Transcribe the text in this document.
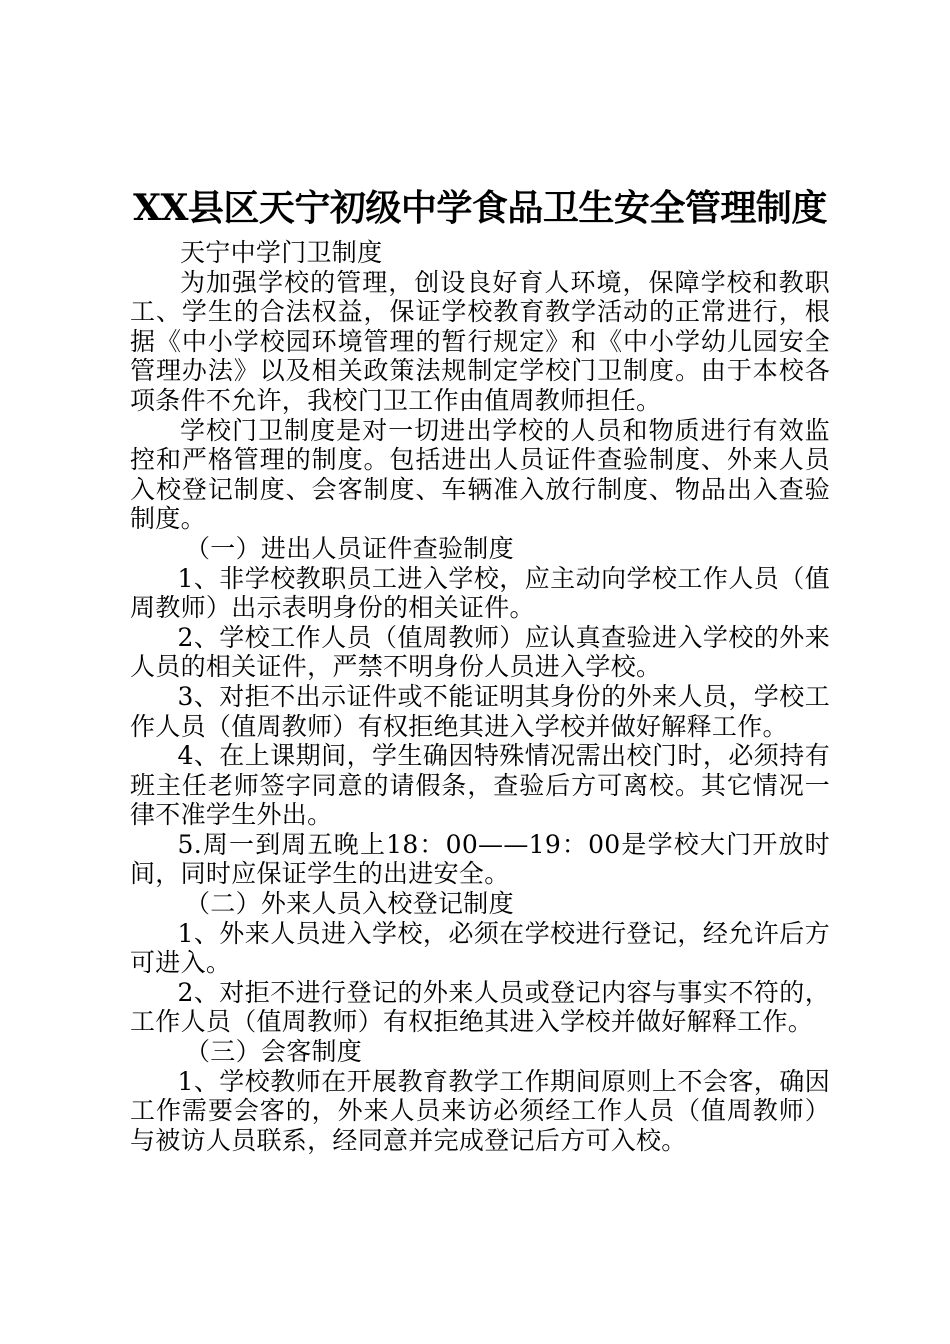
XX县区天宁初级中学食品卫生安全管理制度

天宁中学门卫制度

为加强学校的管理，创设良好育人环境，保障学校和教职工、学生的合法权益，保证学校教育教学活动的正常进行，根据《中小学校园环境管理的暂行规定》和《中小学幼儿园安全管理办法》以及相关政策法规制定学校门卫制度。由于本校各项条件不允许，我校门卫工作由值周教师担任。

学校门卫制度是对一切进出学校的人员和物质进行有效监控和严格管理的制度。包括进出人员证件查验制度、外来人员入校登记制度、会客制度、车辆准入放行制度、物品出入查验制度。

（一）进出人员证件查验制度

1、非学校教职员工进入学校，应主动向学校工作人员（值周教师）出示表明身份的相关证件。

2、学校工作人员（值周教师）应认真查验进入学校的外来人员的相关证件，严禁不明身份人员进入学校。

3、对拒不出示证件或不能证明其身份的外来人员，学校工作人员（值周教师）有权拒绝其进入学校并做好解释工作。

4、在上课期间，学生确因特殊情况需出校门时，必须持有班主任老师签字同意的请假条，查验后方可离校。其它情况一律不准学生外出。

5.周一到周五晚上18：00——19：00是学校大门开放时间，同时应保证学生的出进安全。

（二）外来人员入校登记制度

1、外来人员进入学校，必须在学校进行登记，经允许后方可进入。

2、对拒不进行登记的外来人员或登记内容与事实不符的，工作人员（值周教师）有权拒绝其进入学校并做好解释工作。

（三）会客制度

1、学校教师在开展教育教学工作期间原则上不会客，确因工作需要会客的，外来人员来访必须经工作人员（值周教师）与被访人员联系，经同意并完成登记后方可入校。
